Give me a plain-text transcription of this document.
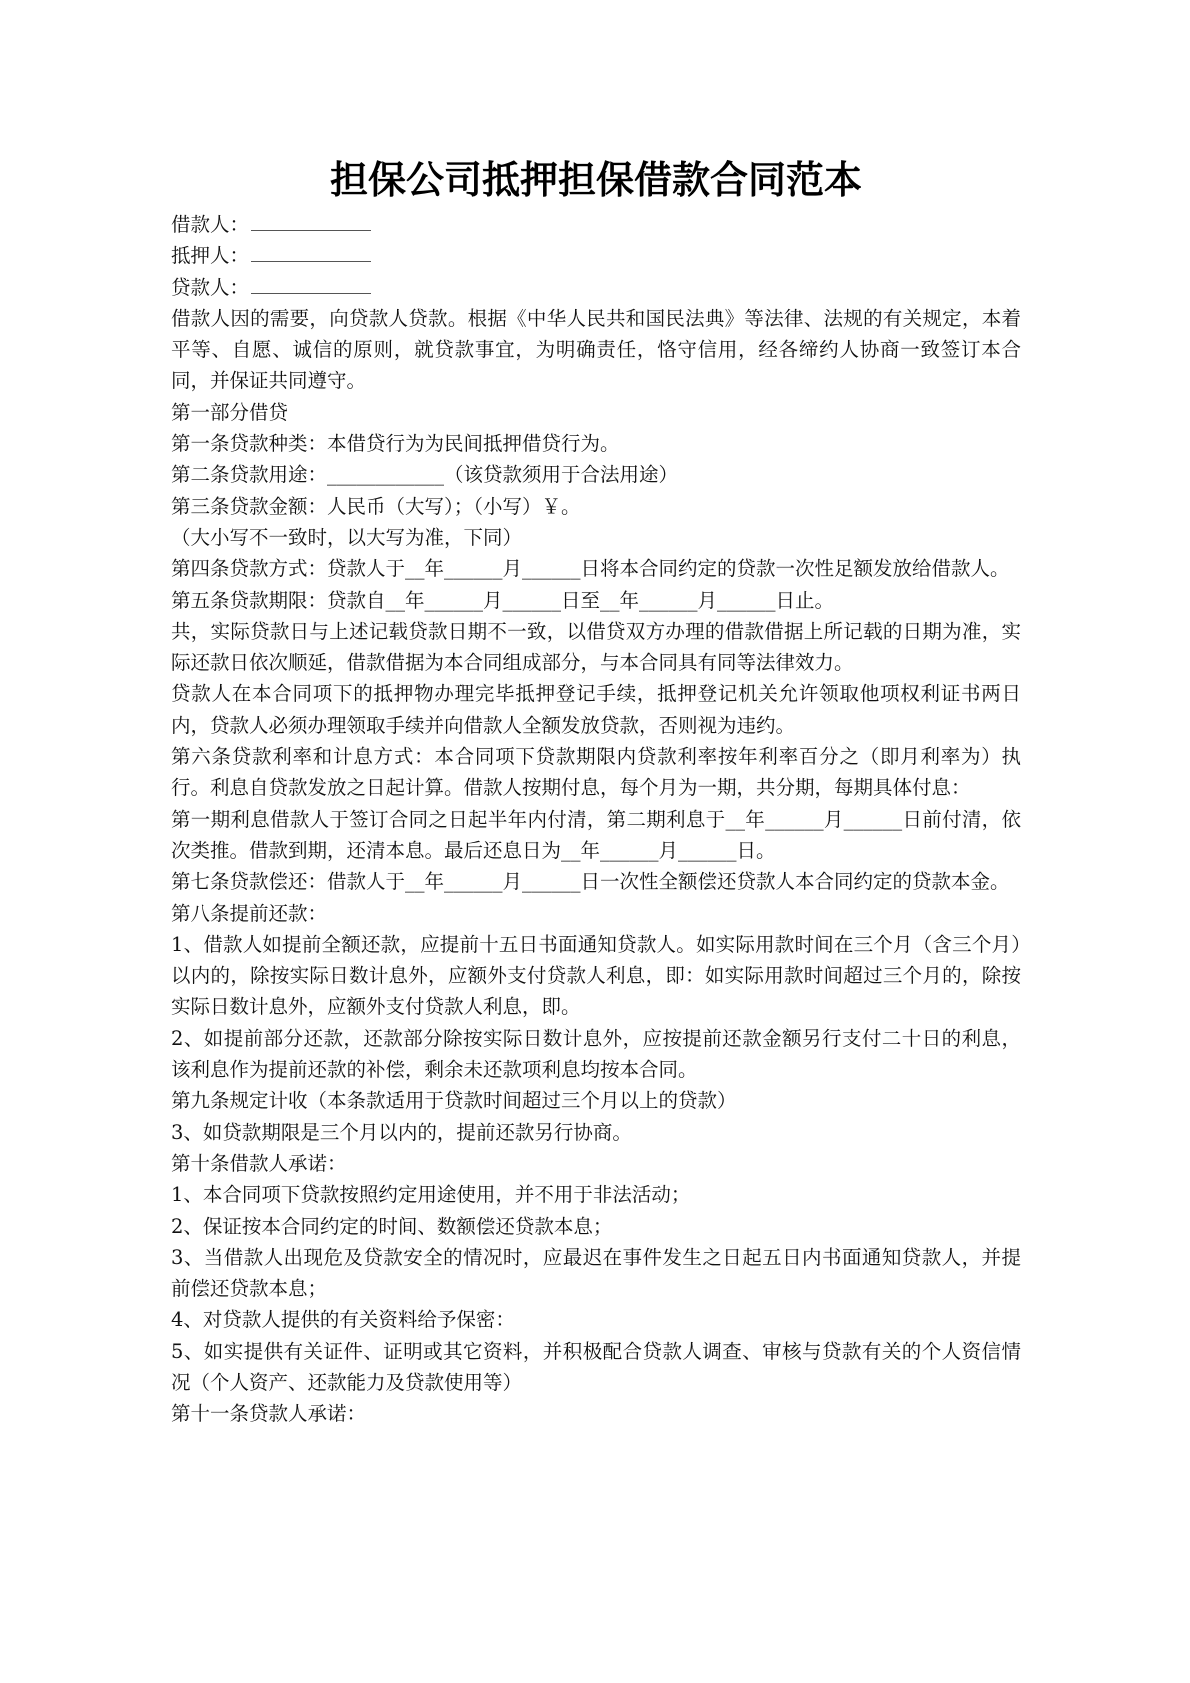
担保公司抵押担保借款合同范本
借款人：
抵押人：
贷款人：

借款人因的需要，向贷款人贷款。根据《中华人民共和国民法典》等法律、法规的有关规定，本着平等、自愿、诚信的原则，就贷款事宜，为明确责任，恪守信用，经各缔约人协商一致签订本合同，并保证共同遵守。

第一部分借贷

第一条贷款种类：本借贷行为为民间抵押借贷行为。

第二条贷款用途：____________（该贷款须用于合法用途）

第三条贷款金额：人民币（大写）；（小写）￥。

（大小写不一致时，以大写为准，下同）

第四条贷款方式：贷款人于__年______月______日将本合同约定的贷款一次性足额发放给借款人。

第五条贷款期限：贷款自__年______月______日至__年______月______日止。

共，实际贷款日与上述记载贷款日期不一致，以借贷双方办理的借款借据上所记载的日期为准，实际还款日依次顺延，借款借据为本合同组成部分，与本合同具有同等法律效力。

贷款人在本合同项下的抵押物办理完毕抵押登记手续，抵押登记机关允许领取他项权利证书两日内，贷款人必须办理领取手续并向借款人全额发放贷款，否则视为违约。

第六条贷款利率和计息方式：本合同项下贷款期限内贷款利率按年利率百分之（即月利率为）执行。利息自贷款发放之日起计算。借款人按期付息，每个月为一期，共分期，每期具体付息：

第一期利息借款人于签订合同之日起半年内付清，第二期利息于__年______月______日前付清，依次类推。借款到期，还清本息。最后还息日为__年______月______日。

第七条贷款偿还：借款人于__年______月______日一次性全额偿还贷款人本合同约定的贷款本金。

第八条提前还款：

1、借款人如提前全额还款，应提前十五日书面通知贷款人。如实际用款时间在三个月（含三个月）以内的，除按实际日数计息外，应额外支付贷款人利息，即：如实际用款时间超过三个月的，除按实际日数计息外，应额外支付贷款人利息，即。

2、如提前部分还款，还款部分除按实际日数计息外，应按提前还款金额另行支付二十日的利息，该利息作为提前还款的补偿，剩余未还款项利息均按本合同。

第九条规定计收（本条款适用于贷款时间超过三个月以上的贷款）

3、如贷款期限是三个月以内的，提前还款另行协商。

第十条借款人承诺：

1、本合同项下贷款按照约定用途使用，并不用于非法活动；

2、保证按本合同约定的时间、数额偿还贷款本息；

3、当借款人出现危及贷款安全的情况时，应最迟在事件发生之日起五日内书面通知贷款人，并提前偿还贷款本息；

4、对贷款人提供的有关资料给予保密：

5、如实提供有关证件、证明或其它资料，并积极配合贷款人调查、审核与贷款有关的个人资信情况（个人资产、还款能力及贷款使用等）

第十一条贷款人承诺：
